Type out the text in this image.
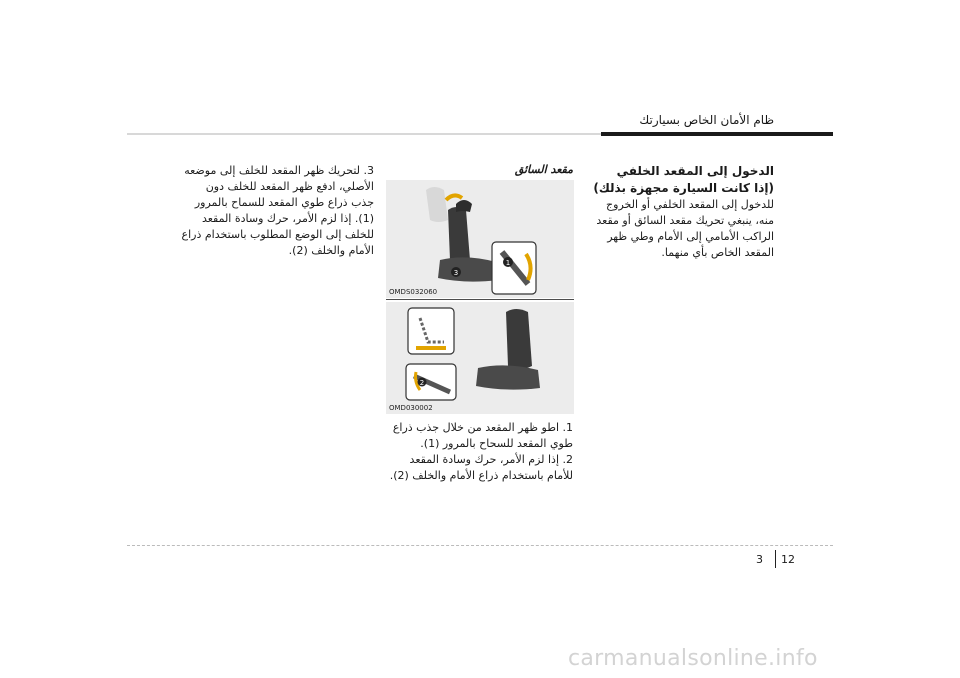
ظام الأمان الخاص بسيارتك
الدخول إلى المقعد الخلفي
(إذا كانت السيارة مجهزة بذلك)
للدخول إلى المقعد الخلفي أو الخروج منه، ينبغي تحريك مقعد السائق أو مقعد الراكب الأمامي إلى الأمام وطي ظهر المقعد الخاص بأي منهما.
مقعد السائق
1
3
OMDS032060
2
OMD030002
1. اطو ظهر المقعد من خلال جذب ذراع طوي المقعد للسحاح بالمرور (1).
2. إذا لزم الأمر، حرك وسادة المقعد للأمام باستخدام ذراع الأمام والخلف (2).
3. لتحريك ظهر المقعد للخلف إلى موضعه الأصلي، ادفع ظهر المقعد للخلف دون جذب ذراع طوي المقعد للسماح بالمرور (1). إذا لزم الأمر، حرك وسادة المقعد للخلف إلى الوضع المطلوب باستخدام ذراع الأمام والخلف (2).
3 12
carmanualsonline.info
